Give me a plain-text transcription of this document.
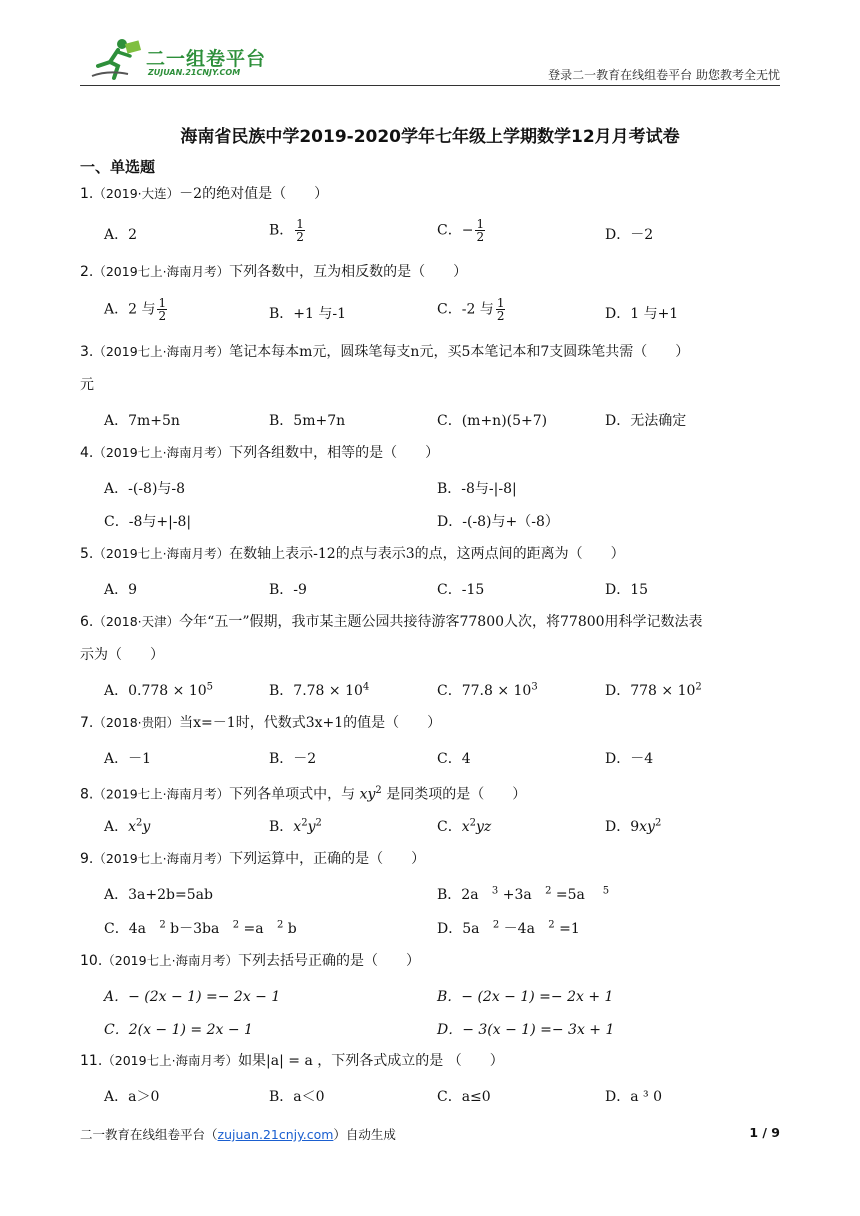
二一组卷平台
ZUJUAN.21CNJY.COM	登录二一教育在线组卷平台 助您教考全无忧
海南省民族中学2019-2020学年七年级上学期数学12月月考试卷
一、单选题
1.（2019·大连）－2的绝对值是（　　）
A．2	B． $\frac{1}{2}$	C．− $\frac{1}{2}$	D．－2
2.（2019七上·海南月考）下列各数中，互为相反数的是（　　）
A．2 与 $\frac{1}{2}$	B．+1 与-1	C．-2 与 $\frac{1}{2}$	D．1 与+1
3.（2019七上·海南月考）笔记本每本m元，圆珠笔每支n元，买5本笔记本和7支圆珠笔共需（　　）
元
A．7m+5n	B．5m+7n	C．(m+n)(5+7)	D．无法确定
4.（2019七上·海南月考）下列各组数中，相等的是（　　）
A．-(-8)与-8	B．-8与-|-8|
C．-8与+|-8|	D．-(-8)与+（-8）
5.（2019七上·海南月考）在数轴上表示-12的点与表示3的点，这两点间的距离为（　　）
A．9	B．-9	C．-15	D．15
6.（2018·天津）今年“五一”假期，我市某主题公园共接待游客77800人次，将77800用科学记数法表
示为（　　）
A．$0.778 \times 10^5$	B．$7.78 \times 10^4$	C．$77.8 \times 10^3$	D．$778 \times 10^2$
7.（2018·贵阳）当x=－1时，代数式3x+1的值是（　　）
A．－1	B．－2	C．4	D．－4
8.（2019七上·海南月考）下列各单项式中，与 $xy^2$ 是同类项的是（　　）
A．$x^2y$	B．$x^2y^2$	C．$x^2yz$	D．$9xy^2$
9.（2019七上·海南月考）下列运算中，正确的是（　　）
A．3a+2b=5ab	B．2a $^3$ +3a   $^2$ =5a    $^5$
C．4a $^2$ b－3ba   $^2$ =a   $^2$ b	D．5a $^2$ －4a   $^2$ =1
10.（2019七上·海南月考）下列去括号正确的是（　　）
A．− (2x − 1) =− 2x − 1	B．− (2x − 1) =− 2x + 1
C．2(x − 1) = 2x − 1	D．− 3(x − 1) =− 3x + 1
11.（2019七上·海南月考）如果|a| = a ，下列各式成立的是 （　　）
A．a＞0	B．a＜0	C．a≤0	D．a ³ 0
二一教育在线组卷平台（zujuan.21cnjy.com）自动生成	1 / 9
